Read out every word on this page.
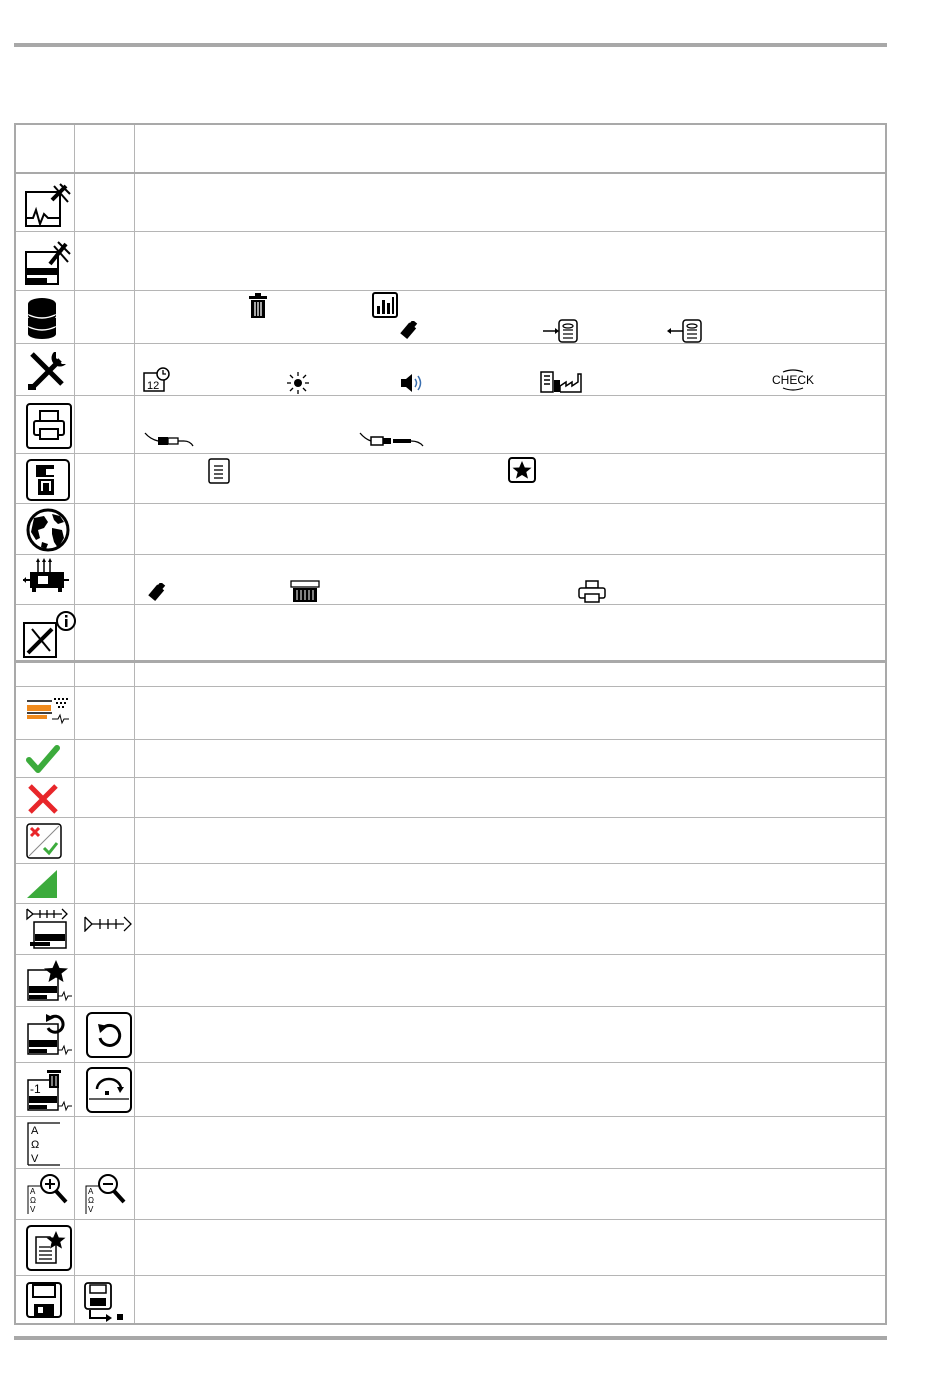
12	CHECK
-1
A
Ω
V
A
Ω
V
A
Ω
V
